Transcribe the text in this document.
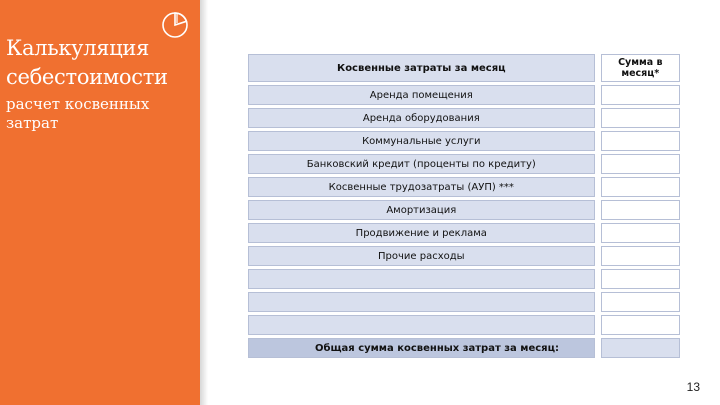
Калькуляция себестоимости
расчет косвенных затрат
Косвенные затраты за месяц		Сумма в месяц*
Аренда помещения		
Аренда оборудования		
Коммунальные услуги		
Банковский кредит (проценты по кредиту)		
Косвенные трудозатраты (АУП) ***		
Амортизация		
Продвижение и реклама		
Прочие расходы		

Общая сумма косвенных затрат за месяц:		
13
